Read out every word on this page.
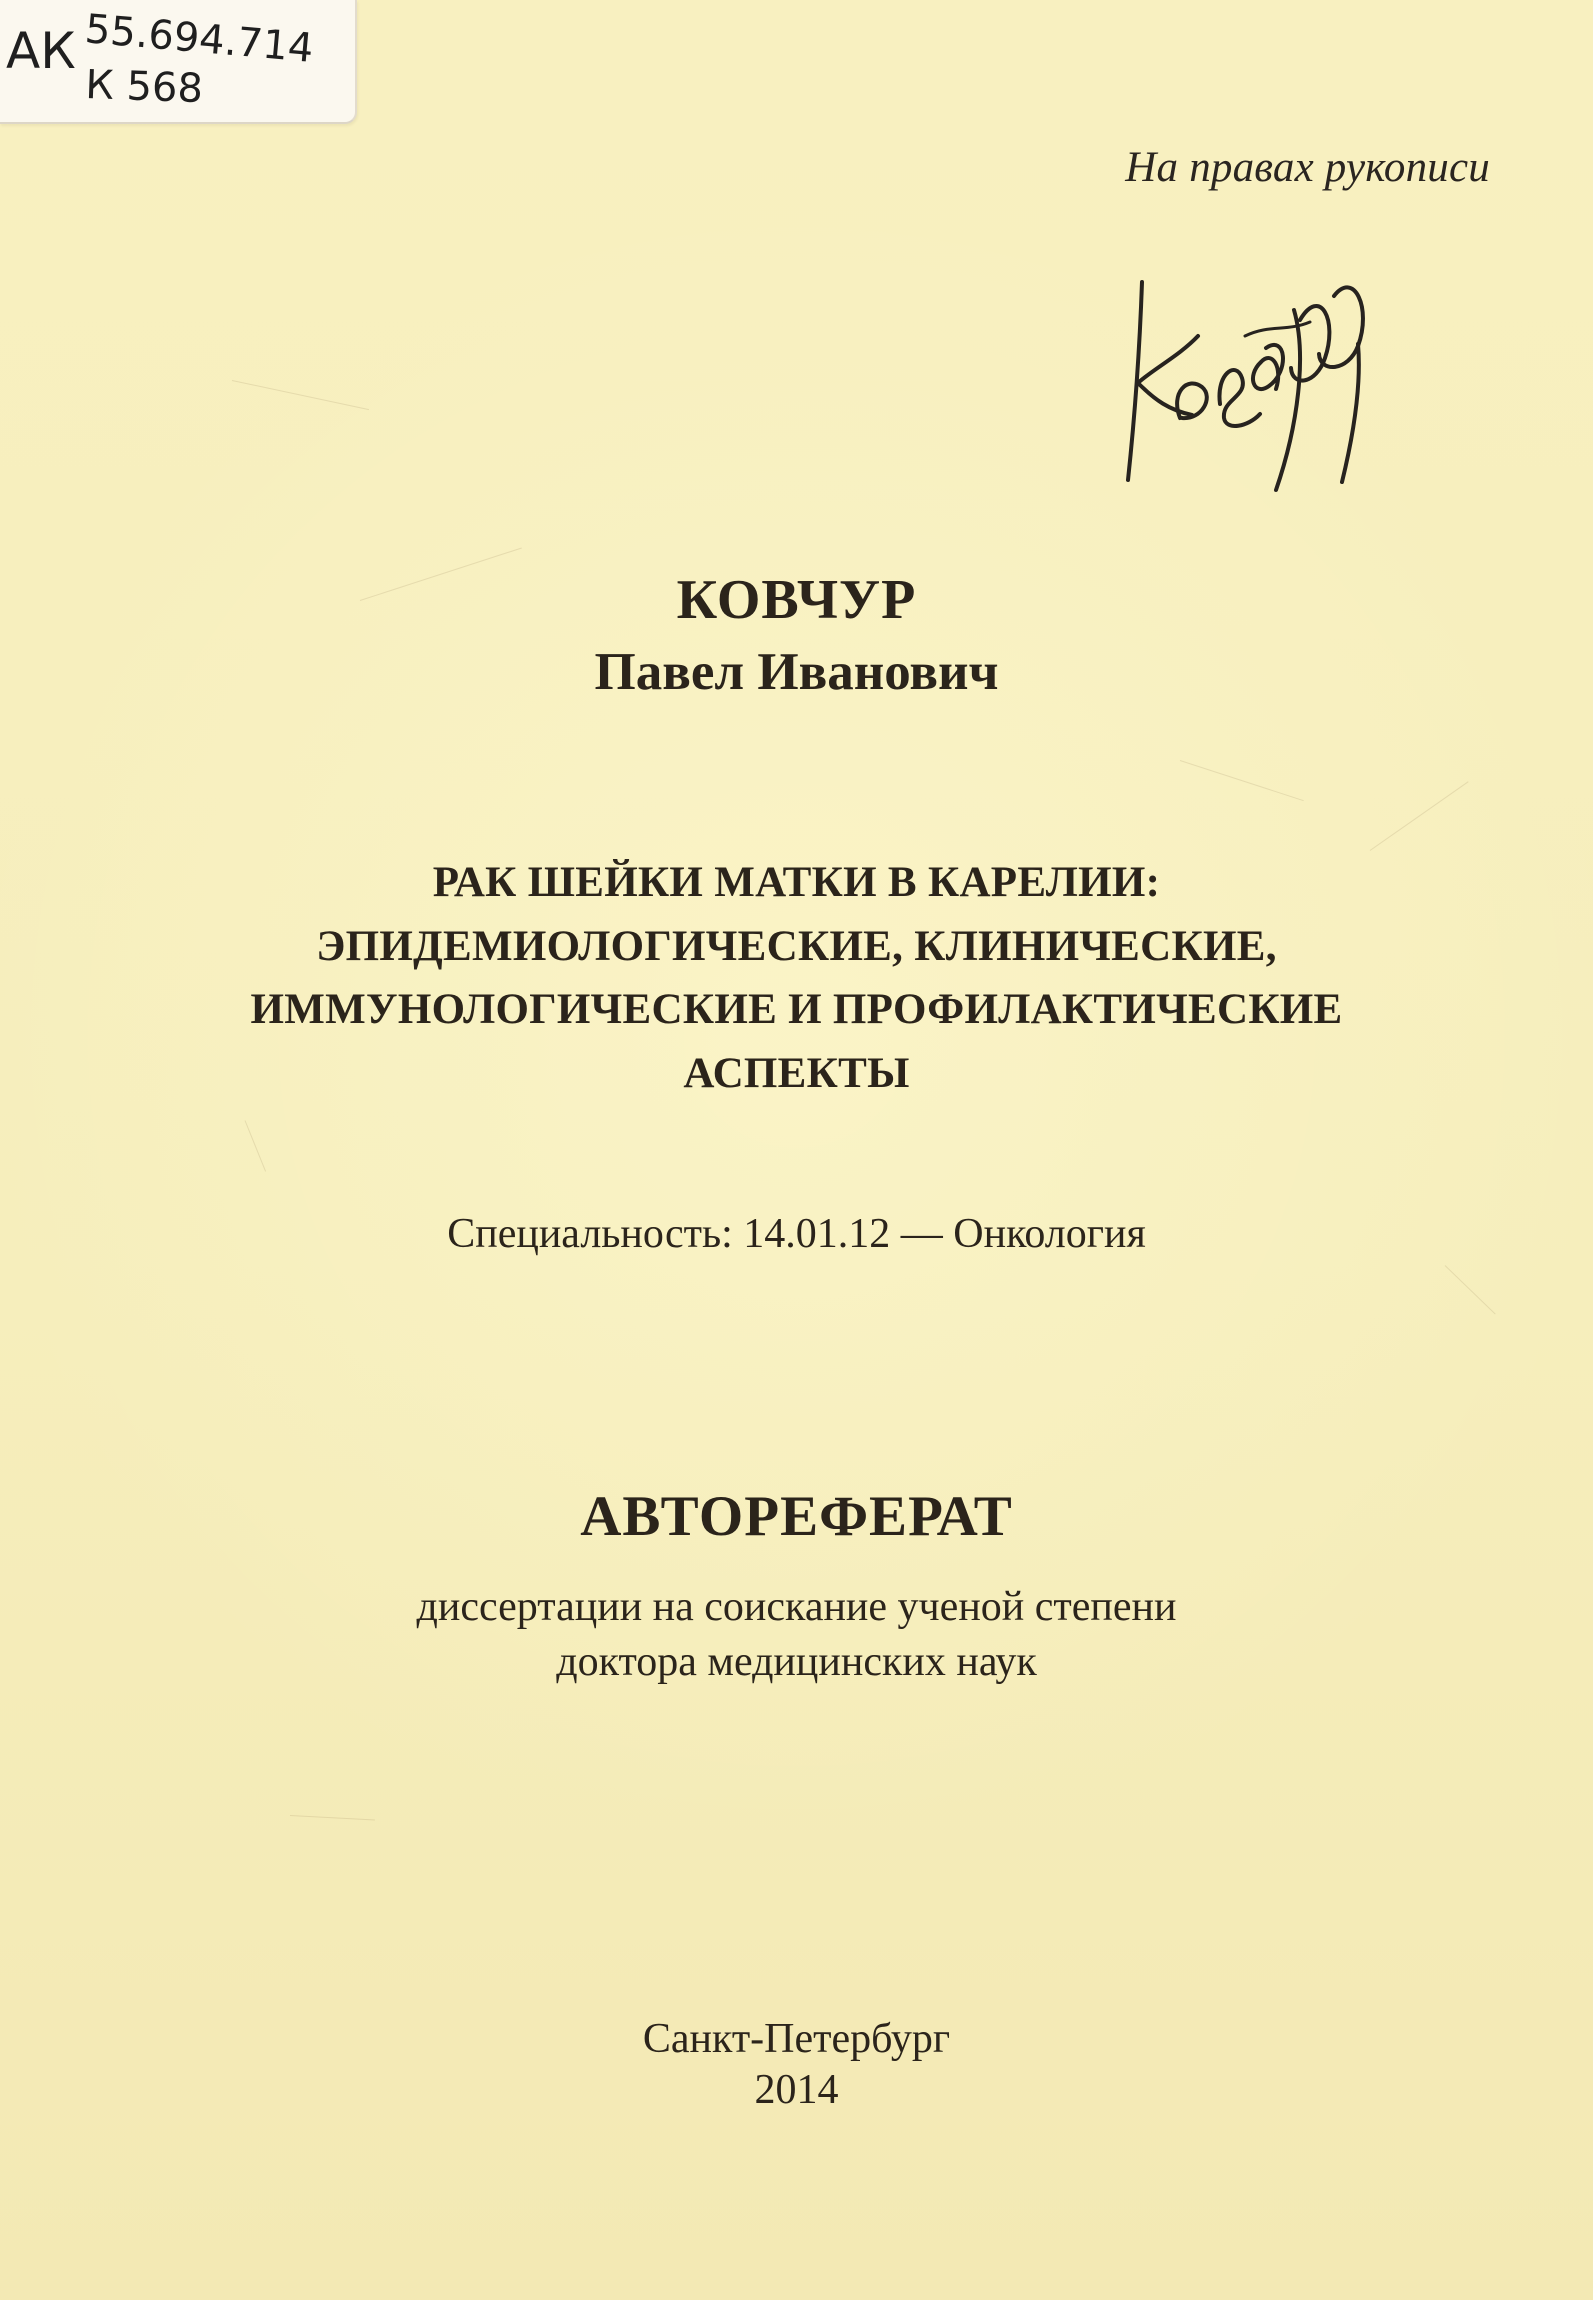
АК 55.694.714
К 568
На правах рукописи
КОВЧУР
Павел Иванович
РАК ШЕЙКИ МАТКИ В КАРЕЛИИ:
ЭПИДЕМИОЛОГИЧЕСКИЕ, КЛИНИЧЕСКИЕ,
ИММУНОЛОГИЧЕСКИЕ И ПРОФИЛАКТИЧЕСКИЕ
АСПЕКТЫ
Специальность: 14.01.12 — Онкология
АВТОРЕФЕРАТ
диссертации на соискание ученой степени
доктора медицинских наук
Санкт-Петербург
2014
